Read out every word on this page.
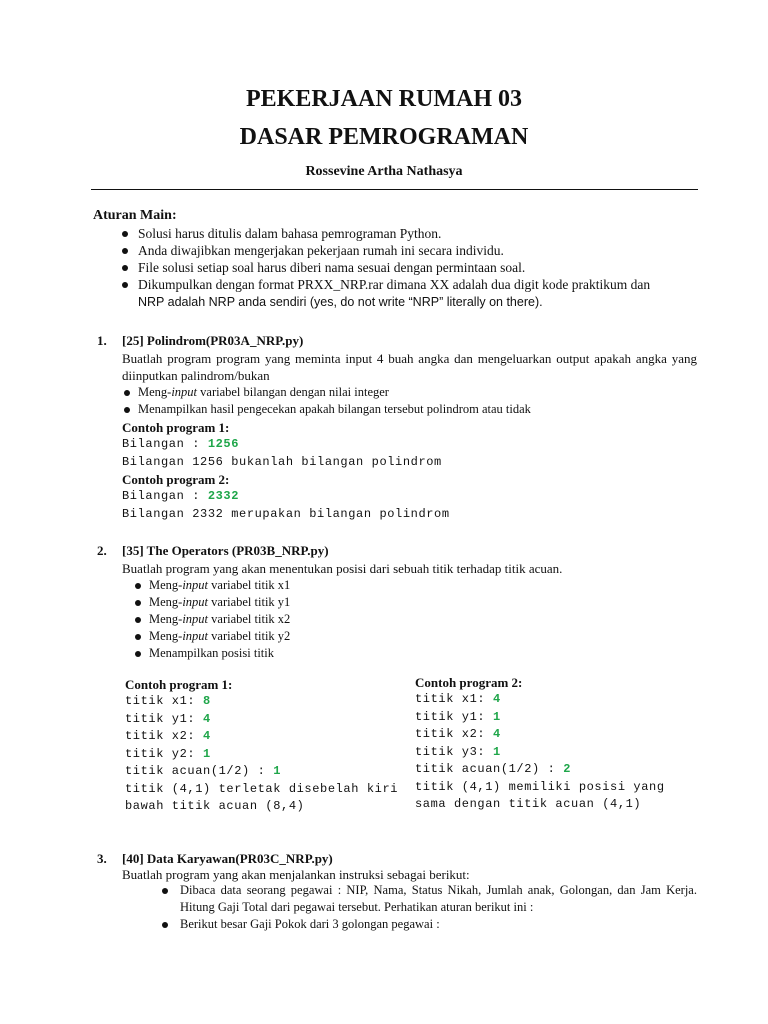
PEKERJAAN RUMAH 03
DASAR PEMROGRAMAN
Rossevine Artha Nathasya
Aturan Main:
Solusi harus ditulis dalam bahasa pemrograman Python.
Anda diwajibkan mengerjakan pekerjaan rumah ini secara individu.
File solusi setiap soal harus diberi nama sesuai dengan permintaan soal.
Dikumpulkan dengan format PRXX_NRP.rar dimana XX adalah dua digit kode praktikum dan
NRP adalah NRP anda sendiri (yes, do not write “NRP” literally on there).
1. [25] Polindrom(PR03A_NRP.py)
Buatlah program program yang meminta input 4 buah angka dan mengeluarkan output apakah angka yang diinputkan palindrom/bukan
Meng-input variabel bilangan dengan nilai integer
Menampilkan hasil pengecekan apakah bilangan tersebut polindrom atau tidak
Contoh program 1:
Bilangan : 1256
Bilangan 1256 bukanlah bilangan polindrom
Contoh program 2:
Bilangan : 2332
Bilangan 2332 merupakan bilangan polindrom
2. [35] The Operators (PR03B_NRP.py)
Buatlah program yang akan menentukan posisi dari sebuah titik terhadap titik acuan.
Meng-input variabel titik x1
Meng-input variabel titik y1
Meng-input variabel titik x2
Meng-input variabel titik y2
Menampilkan posisi titik
Contoh program 1:
titik x1: 8
titik y1: 4
titik x2: 4
titik y2: 1
titik acuan(1/2) : 1
titik (4,1) terletak disebelah kiri
bawah titik acuan (8,4)
Contoh program 2:
titik x1: 4
titik y1: 1
titik x2: 4
titik y3: 1
titik acuan(1/2) : 2
titik (4,1) memiliki posisi yang
sama dengan titik acuan (4,1)
3. [40] Data Karyawan(PR03C_NRP.py)
Buatlah program yang akan menjalankan instruksi sebagai berikut:
Dibaca data seorang pegawai : NIP, Nama, Status Nikah, Jumlah anak, Golongan, dan Jam Kerja. Hitung Gaji Total dari pegawai tersebut. Perhatikan aturan berikut ini :
Berikut besar Gaji Pokok dari 3 golongan pegawai :
